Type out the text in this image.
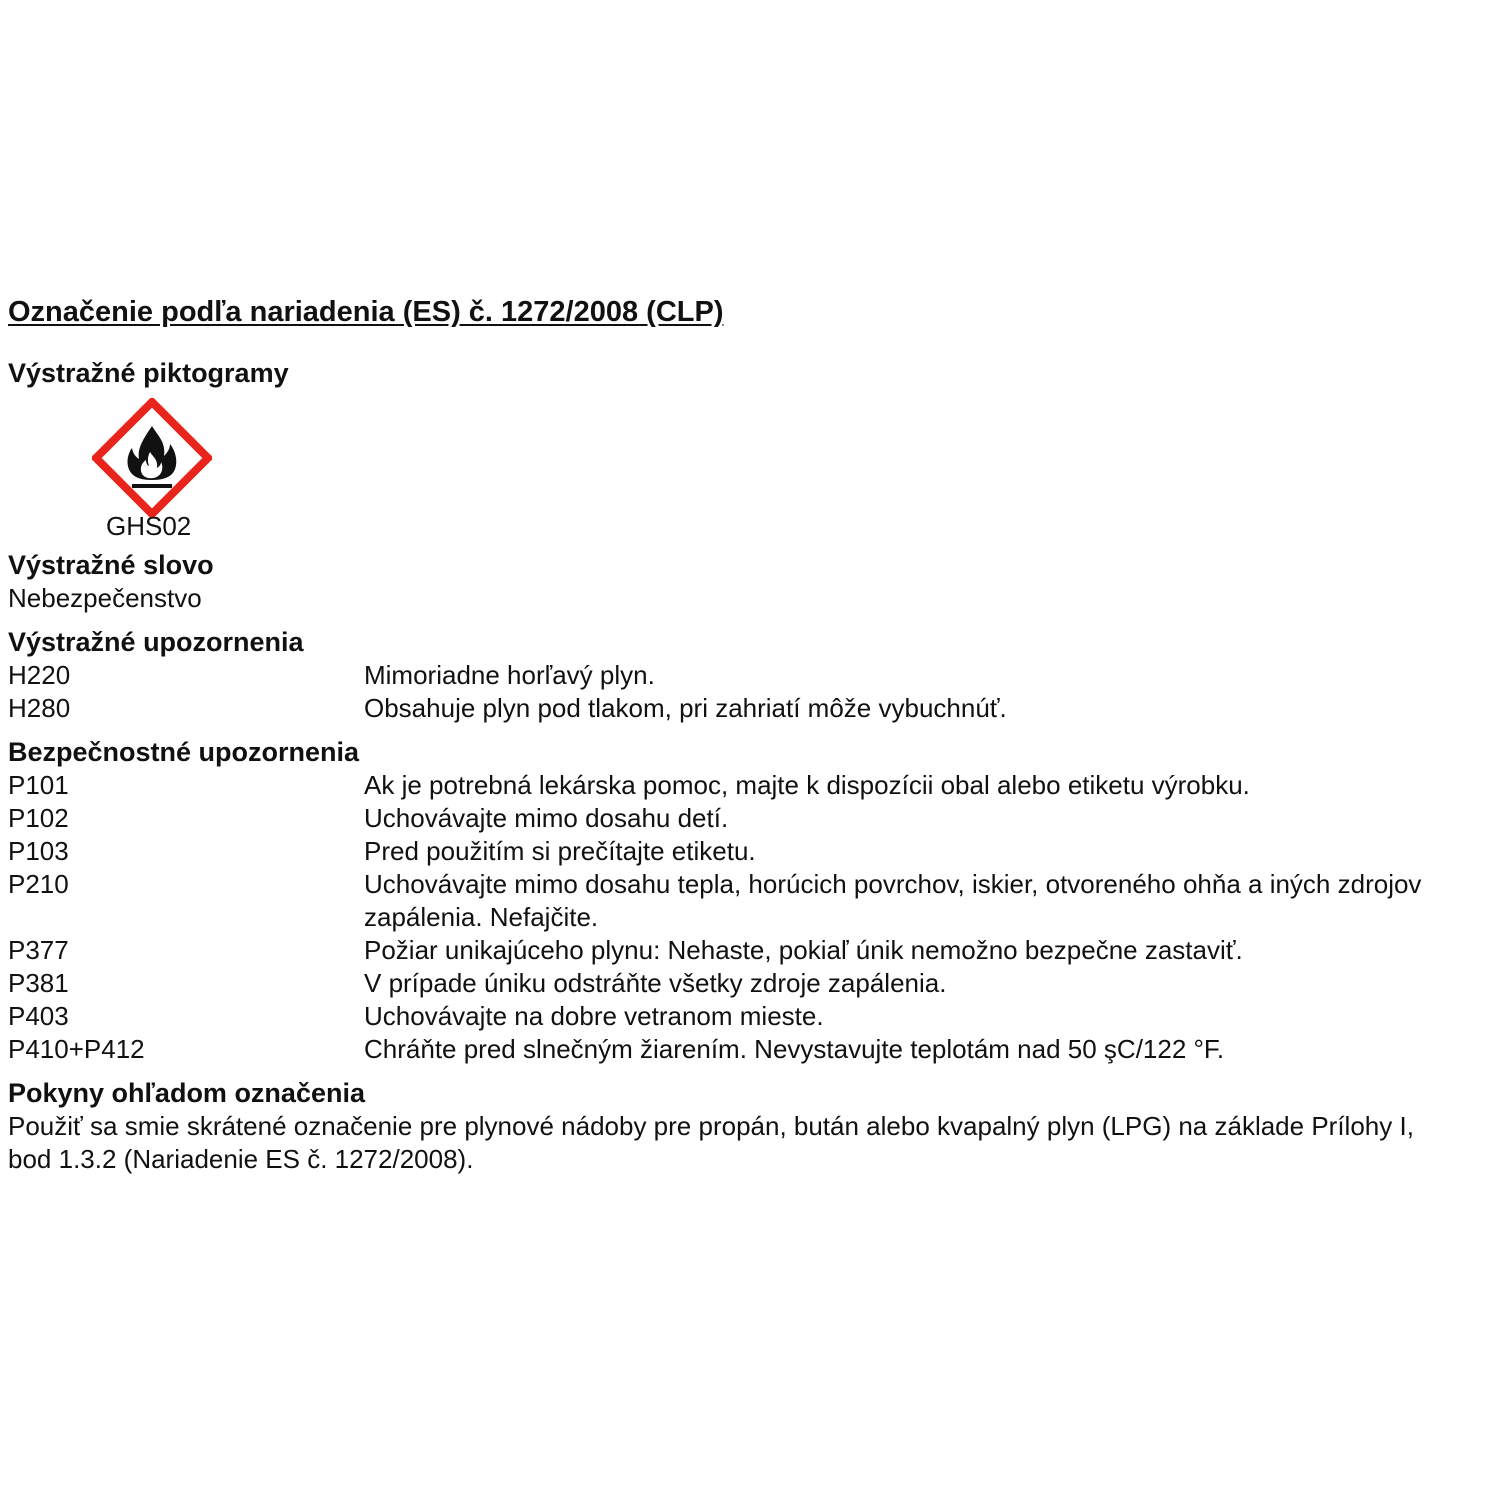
Označenie podľa nariadenia (ES) č. 1272/2008 (CLP)
Výstražné piktogramy
GHS02
Výstražné slovo
Nebezpečenstvo
Výstražné upozornenia
H220	Mimoriadne horľavý plyn.
H280	Obsahuje plyn pod tlakom, pri zahriatí môže vybuchnúť.
Bezpečnostné upozornenia
P101	Ak je potrebná lekárska pomoc, majte k dispozícii obal alebo etiketu výrobku.
P102	Uchovávajte mimo dosahu detí.
P103	Pred použitím si prečítajte etiketu.
P210	Uchovávajte mimo dosahu tepla, horúcich povrchov, iskier, otvoreného ohňa a iných zdrojov zapálenia. Nefajčite.
P377	Požiar unikajúceho plynu: Nehaste, pokiaľ únik nemožno bezpečne zastaviť.
P381	V prípade úniku odstráňte všetky zdroje zapálenia.
P403	Uchovávajte na dobre vetranom mieste.
P410+P412	Chráňte pred slnečným žiarením. Nevystavujte teplotám nad 50 şC/122 °F.
Pokyny ohľadom označenia
Použiť sa smie skrátené označenie pre plynové nádoby pre propán, bután alebo kvapalný plyn (LPG) na základe Prílohy I, bod 1.3.2 (Nariadenie ES č. 1272/2008).
